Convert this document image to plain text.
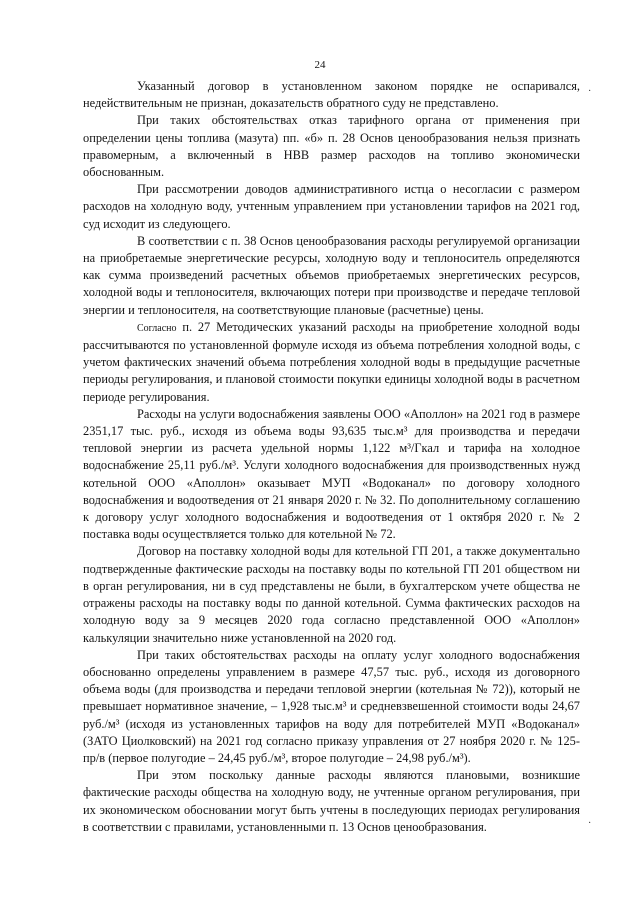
24

Указанный договор в установленном законом порядке не оспаривался, недействительным не признан, доказательств обратного суду не представлено.

При таких обстоятельствах отказ тарифного органа от применения при определении цены топлива (мазута) пп. «б» п. 28 Основ ценообразования нельзя признать правомерным, а включенный в НВВ размер расходов на топливо экономически обоснованным.

При рассмотрении доводов административного истца о несогласии с размером расходов на холодную воду, учтенным управлением при установлении тарифов на 2021 год, суд исходит из следующего.

В соответствии с п. 38 Основ ценообразования расходы регулируемой организации на приобретаемые энергетические ресурсы, холодную воду и теплоноситель определяются как сумма произведений расчетных объемов приобретаемых энергетических ресурсов, холодной воды и теплоносителя, включающих потери при производстве и передаче тепловой энергии и теплоносителя, на соответствующие плановые (расчетные) цены.

Согласно п. 27 Методических указаний расходы на приобретение холодной воды рассчитываются по установленной формуле исходя из объема потребления холодной воды, с учетом фактических значений объема потребления холодной воды в предыдущие расчетные периоды регулирования, и плановой стоимости покупки единицы холодной воды в расчетном периоде регулирования.

Расходы на услуги водоснабжения заявлены ООО «Аполлон» на 2021 год в размере 2351,17 тыс. руб., исходя из объема воды 93,635 тыс.м³ для производства и передачи тепловой энергии из расчета удельной нормы 1,122 м³/Гкал и тарифа на холодное водоснабжение 25,11 руб./м³. Услуги холодного водоснабжения для производственных нужд котельной ООО «Аполлон» оказывает МУП «Водоканал» по договору холодного водоснабжения и водоотведения от 21 января 2020 г. № 32. По дополнительному соглашению к договору услуг холодного водоснабжения и водоотведения от 1 октября 2020 г. № 2 поставка воды осуществляется только для котельной № 72.

Договор на поставку холодной воды для котельной ГП 201, а также документально подтвержденные фактические расходы на поставку воды по котельной ГП 201 обществом ни в орган регулирования, ни в суд представлены не были, в бухгалтерском учете общества не отражены расходы на поставку воды по данной котельной. Сумма фактических расходов на холодную воду за 9 месяцев 2020 года согласно представленной ООО «Аполлон» калькуляции значительно ниже установленной на 2020 год.

При таких обстоятельствах расходы на оплату услуг холодного водоснабжения обоснованно определены управлением в размере 47,57 тыс. руб., исходя из договорного объема воды (для производства и передачи тепловой энергии (котельная № 72)), который не превышает нормативное значение, – 1,928 тыс.м³ и средневзвешенной стоимости воды 24,67 руб./м³ (исходя из установленных тарифов на воду для потребителей МУП «Водоканал» (ЗАТО Циолковский) на 2021 год согласно приказу управления от 27 ноября 2020 г. № 125-пр/в (первое полугодие – 24,45 руб./м³, второе полугодие – 24,98 руб./м³).

При этом поскольку данные расходы являются плановыми, возникшие фактические расходы общества на холодную воду, не учтенные органом регулирования, при их экономическом обосновании могут быть учтены в последующих периодах регулирования в соответствии с правилами, установленными п. 13 Основ ценообразования.

·
·
